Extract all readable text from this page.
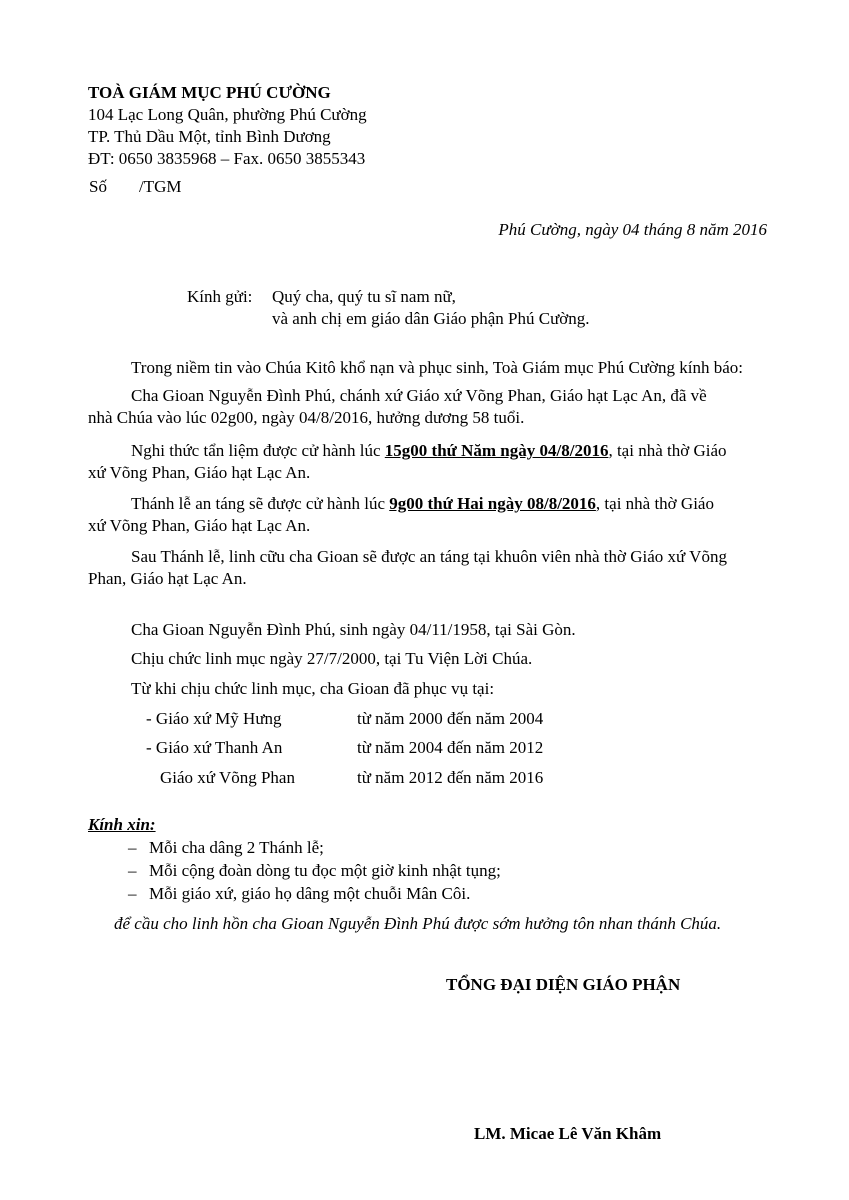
TOÀ GIÁM MỤC PHÚ CƯỜNG
104 Lạc Long Quân, phường Phú Cường
TP. Thủ Dầu Một, tỉnh Bình Dương
ĐT: 0650 3835968 – Fax. 0650 3855343
Số /TGM
Phú Cường, ngày 04 tháng 8 năm 2016
Kính gửi: Quý cha, quý tu sĩ nam nữ,
và anh chị em giáo dân Giáo phận Phú Cường.
Trong niềm tin vào Chúa Kitô khổ nạn và phục sinh, Toà Giám mục Phú Cường kính báo:
Cha Gioan Nguyễn Đình Phú, chánh xứ Giáo xứ Võng Phan, Giáo hạt Lạc An, đã về
nhà Chúa vào lúc 02g00, ngày 04/8/2016, hưởng dương 58 tuổi.
Nghi thức tẩn liệm được cử hành lúc 15g00 thứ Năm ngày 04/8/2016, tại nhà thờ Giáo
xứ Võng Phan, Giáo hạt Lạc An.
Thánh lễ an táng sẽ được cử hành lúc 9g00 thứ Hai ngày 08/8/2016, tại nhà thờ Giáo
xứ Võng Phan, Giáo hạt Lạc An.
Sau Thánh lễ, linh cữu cha Gioan sẽ được an táng tại khuôn viên nhà thờ Giáo xứ Võng
Phan, Giáo hạt Lạc An.
Cha Gioan Nguyễn Đình Phú, sinh ngày 04/11/1958, tại Sài Gòn.
Chịu chức linh mục ngày 27/7/2000, tại Tu Viện Lời Chúa.
Từ khi chịu chức linh mục, cha Gioan đã phục vụ tại:
- Giáo xứ Mỹ Hưng	từ năm 2000 đến năm 2004
- Giáo xứ Thanh An	từ năm 2004 đến năm 2012
Giáo xứ Võng Phan	từ năm 2012 đến năm 2016
Kính xin:
– Mỗi cha dâng 2 Thánh lễ;
– Mỗi cộng đoàn dòng tu đọc một giờ kinh nhật tụng;
– Mỗi giáo xứ, giáo họ dâng một chuỗi Mân Côi.
để cầu cho linh hồn cha Gioan Nguyễn Đình Phú được sớm hưởng tôn nhan thánh Chúa.
TỔNG ĐẠI DIỆN GIÁO PHẬN
LM. Micae Lê Văn Khâm
